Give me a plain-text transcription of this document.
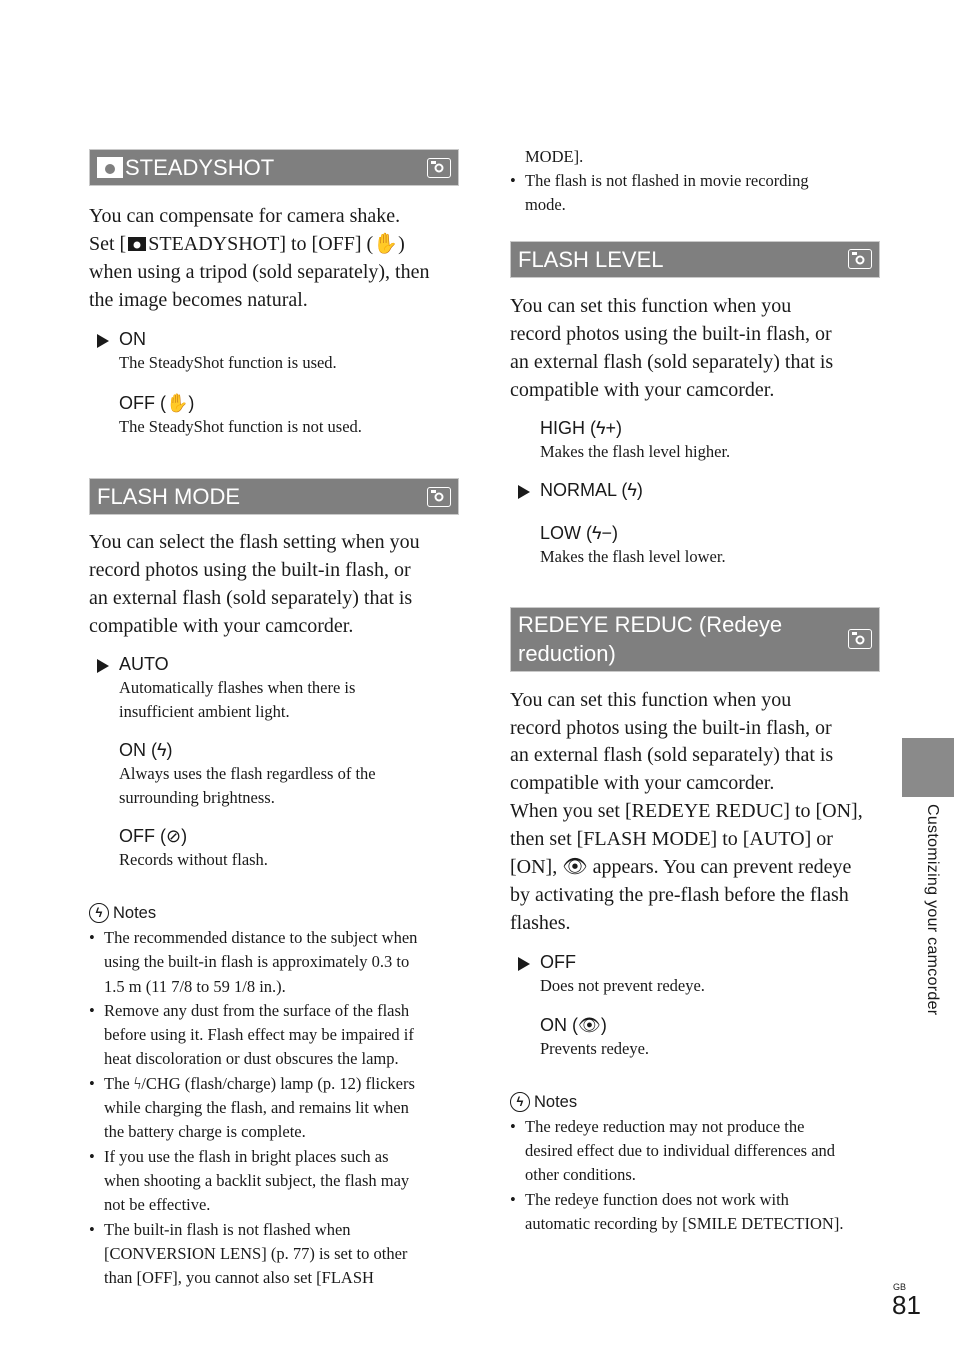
STEADYSHOT
You can compensate for camera shake.
Set [ STEADYSHOT] to [OFF] (✋)
when using a tripod (sold separately), then
the image becomes natural.
ON
The SteadyShot function is used.
OFF (✋)
The SteadyShot function is not used.
FLASH MODE
You can select the flash setting when you
record photos using the built-in flash, or
an external flash (sold separately) that is
compatible with your camcorder.
AUTO
Automatically flashes when there is
insufficient ambient light.
ON (ϟ)
Always uses the flash regardless of the
surrounding brightness.
OFF (⊘)
Records without flash.
ϟ Notes
• The recommended distance to the subject when
using the built-in flash is approximately 0.3 to
1.5 m (11 7/8 to 59 1/8 in.).
• Remove any dust from the surface of the flash
before using it. Flash effect may be impaired if
heat discoloration or dust obscures the lamp.
• The ϟ/CHG (flash/charge) lamp (p. 12) flickers
while charging the flash, and remains lit when
the battery charge is complete.
• If you use the flash in bright places such as
when shooting a backlit subject, the flash may
not be effective.
• The built-in flash is not flashed when
[CONVERSION LENS] (p. 77) is set to other
than [OFF], you cannot also set [FLASH
MODE].
• The flash is not flashed in movie recording
mode.
FLASH LEVEL
You can set this function when you
record photos using the built-in flash, or
an external flash (sold separately) that is
compatible with your camcorder.
HIGH (ϟ+)
Makes the flash level higher.
NORMAL (ϟ)
LOW (ϟ−)
Makes the flash level lower.
REDEYE REDUC (Redeye
reduction)
You can set this function when you
record photos using the built-in flash, or
an external flash (sold separately) that is
compatible with your camcorder.
When you set [REDEYE REDUC] to [ON],
then set [FLASH MODE] to [AUTO] or
[ON], 👁 appears. You can prevent redeye
by activating the pre-flash before the flash
flashes.
OFF
Does not prevent redeye.
ON (👁)
Prevents redeye.
ϟ Notes
• The redeye reduction may not produce the
desired effect due to individual differences and
other conditions.
• The redeye function does not work with
automatic recording by [SMILE DETECTION].
Customizing your camcorder
GB
81
